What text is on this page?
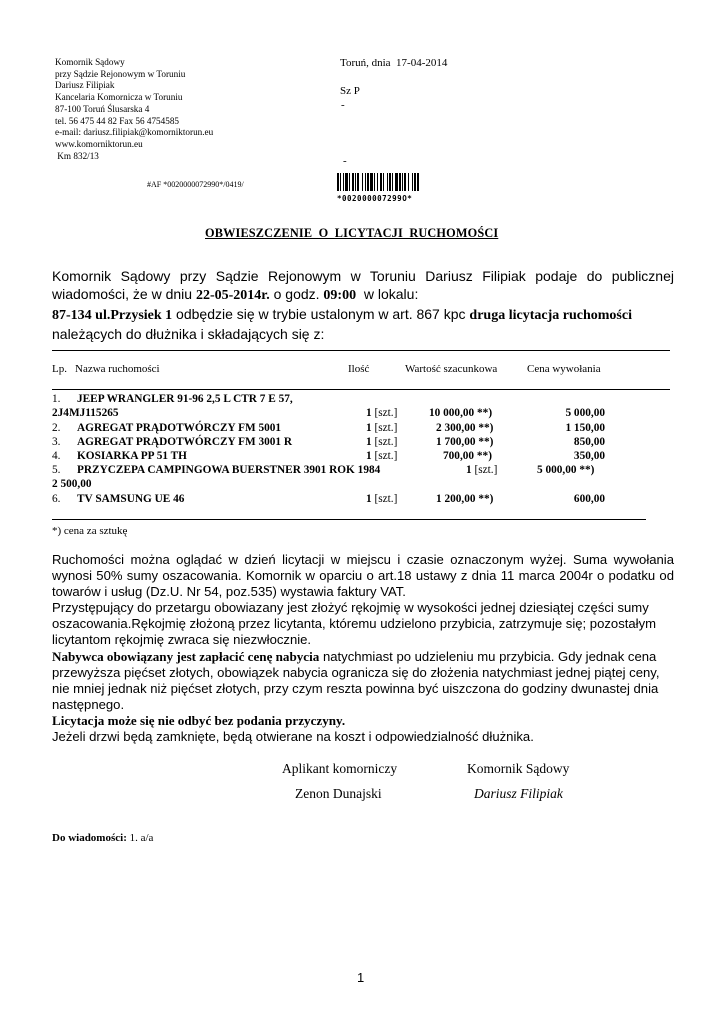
Komornik Sądowy
przy Sądzie Rejonowym w Toruniu
Dariusz Filipiak
Kancelaria Komornicza w Toruniu
87-100 Toruń Ślusarska 4
tel. 56 475 44 82 Fax 56 4754585
e-mail: dariusz.filipiak@komorniktorun.eu
www.komorniktorun.eu
Km 832/13
Toruń, dnia  17-04-2014
Sz P
-
-
#AF *0020000072990*/0419/
*002000007299O*
OBWIESZCZENIE  O  LICYTACJI  RUCHOMOŚCI

Komornik Sądowy przy Sądzie Rejonowym w Toruniu Dariusz Filipiak podaje do publicznej wiadomości, że w dniu 22-05-2014r. o godz. 09:00  w lokalu:

87-134 ul.Przysiek 1 odbędzie się w trybie ustalonym w art. 867 kpc druga licytacja ruchomości

należących do dłużnika i składających się z:

Lp. Nazwa ruchomości	Ilość	Wartość szacunkowa	Cena wywołania
1. JEEP WRANGLER 91-96 2,5 L CTR 7 E 57,
2J4MJ115265	1 [szt.]	10 000,00 **)	5 000,00
2. AGREGAT PRĄDOTWÓRCZY FM 5001	1 [szt.]	2 300,00 **)	1 150,00
3. AGREGAT PRĄDOTWÓRCZY FM 3001 R	1 [szt.]	1 700,00 **)	850,00
4. KOSIARKA PP 51 TH	1 [szt.]	700,00 **)	350,00
5. PRZYCZEPA CAMPINGOWA BUERSTNER 3901 ROK 1984	1 [szt.]	5 000,00 **)
2 500,00
6. TV SAMSUNG UE 46	1 [szt.]	1 200,00 **)	600,00
*) cena za sztukę

Ruchomości można oglądać w dzień licytacji w miejscu i czasie oznaczonym wyżej. Suma wywołania wynosi 50% sumy oszacowania. Komornik w oparciu o art.18 ustawy z dnia 11 marca 2004r o podatku od towarów i usług (Dz.U. Nr 54, poz.535) wystawia faktury VAT.

Przystępujący do przetargu obowiazany jest złożyć rękojmię w wysokości jednej dziesiątej części sumy oszacowania.Rękojmię złożoną przez licytanta, któremu udzielono przybicia, zatrzymuje się; pozostałym licytantom rękojmię zwraca się niezwłocznie.

Nabywca obowiązany jest zapłacić cenę nabycia natychmiast po udzieleniu mu przybicia. Gdy jednak cena przewyższa pięćset złotych, obowiązek nabycia ogranicza się do złożenia natychmiast jednej piątej ceny, nie mniej jednak niż pięćset złotych, przy czym reszta powinna być uiszczona do godziny dwunastej dnia następnego.

Licytacja może się nie odbyć bez podania przyczyny.

Jeżeli drzwi będą zamknięte, będą otwierane na koszt i odpowiedzialność dłużnika.

Aplikant komorniczy	Komornik Sądowy
Zenon Dunajski	Dariusz Filipiak
Do wiadomości: 1. a/a
1
